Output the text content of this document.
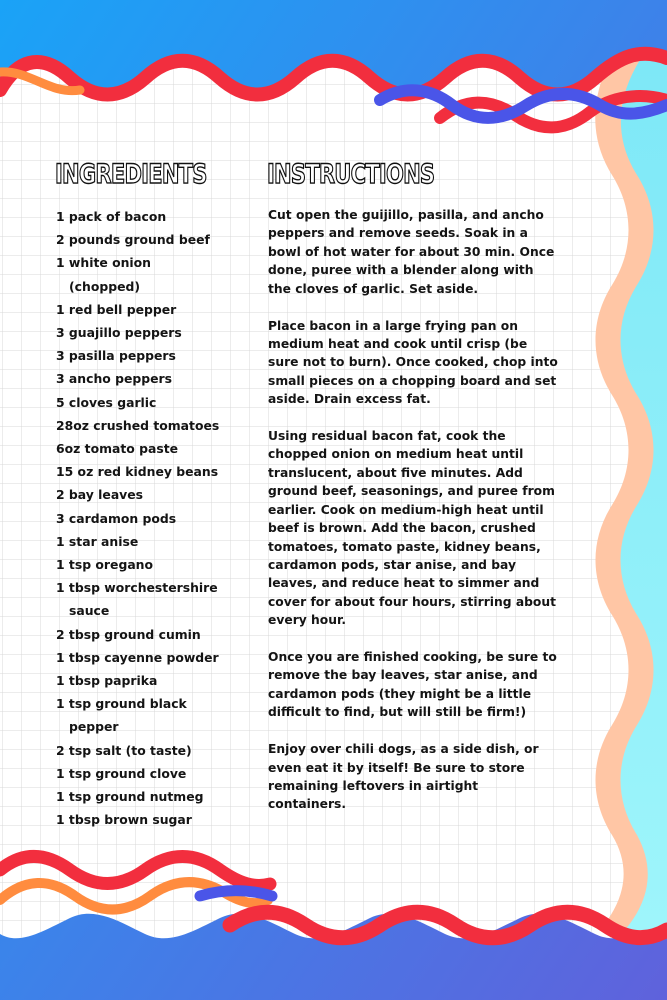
INGREDIENTS
1 pack of bacon
2 pounds ground beef
1 white onion (chopped)
1 red bell pepper
3 guajillo peppers
3 pasilla peppers
3 ancho peppers
5 cloves garlic
28oz crushed tomatoes
6oz tomato paste
15 oz red kidney beans
2 bay leaves
3 cardamon pods
1 star anise
1 tsp oregano
1 tbsp worchestershire sauce
2 tbsp ground cumin
1 tbsp cayenne powder
1 tbsp paprika
1 tsp ground black pepper
2 tsp salt (to taste)
1 tsp ground clove
1 tsp ground nutmeg
1 tbsp brown sugar
INSTRUCTIONS

Cut open the guijillo, pasilla, and ancho peppers and remove seeds. Soak in a bowl of hot water for about 30 min. Once done, puree with a blender along with the cloves of garlic. Set aside.

Place bacon in a large frying pan on medium heat and cook until crisp (be sure not to burn). Once cooked, chop into small pieces on a chopping board and set aside. Drain excess fat.

Using residual bacon fat, cook the chopped onion on medium heat until translucent, about five minutes. Add ground beef, seasonings, and puree from earlier. Cook on medium-high heat until beef is brown. Add the bacon, crushed tomatoes, tomato paste, kidney beans, cardamon pods, star anise, and bay leaves, and reduce heat to simmer and cover for about four hours, stirring about every hour.

Once you are finished cooking, be sure to remove the bay leaves, star anise, and cardamon pods (they might be a little difficult to find, but will still be firm!)

Enjoy over chili dogs, as a side dish, or even eat it by itself! Be sure to store remaining leftovers in airtight containers.
